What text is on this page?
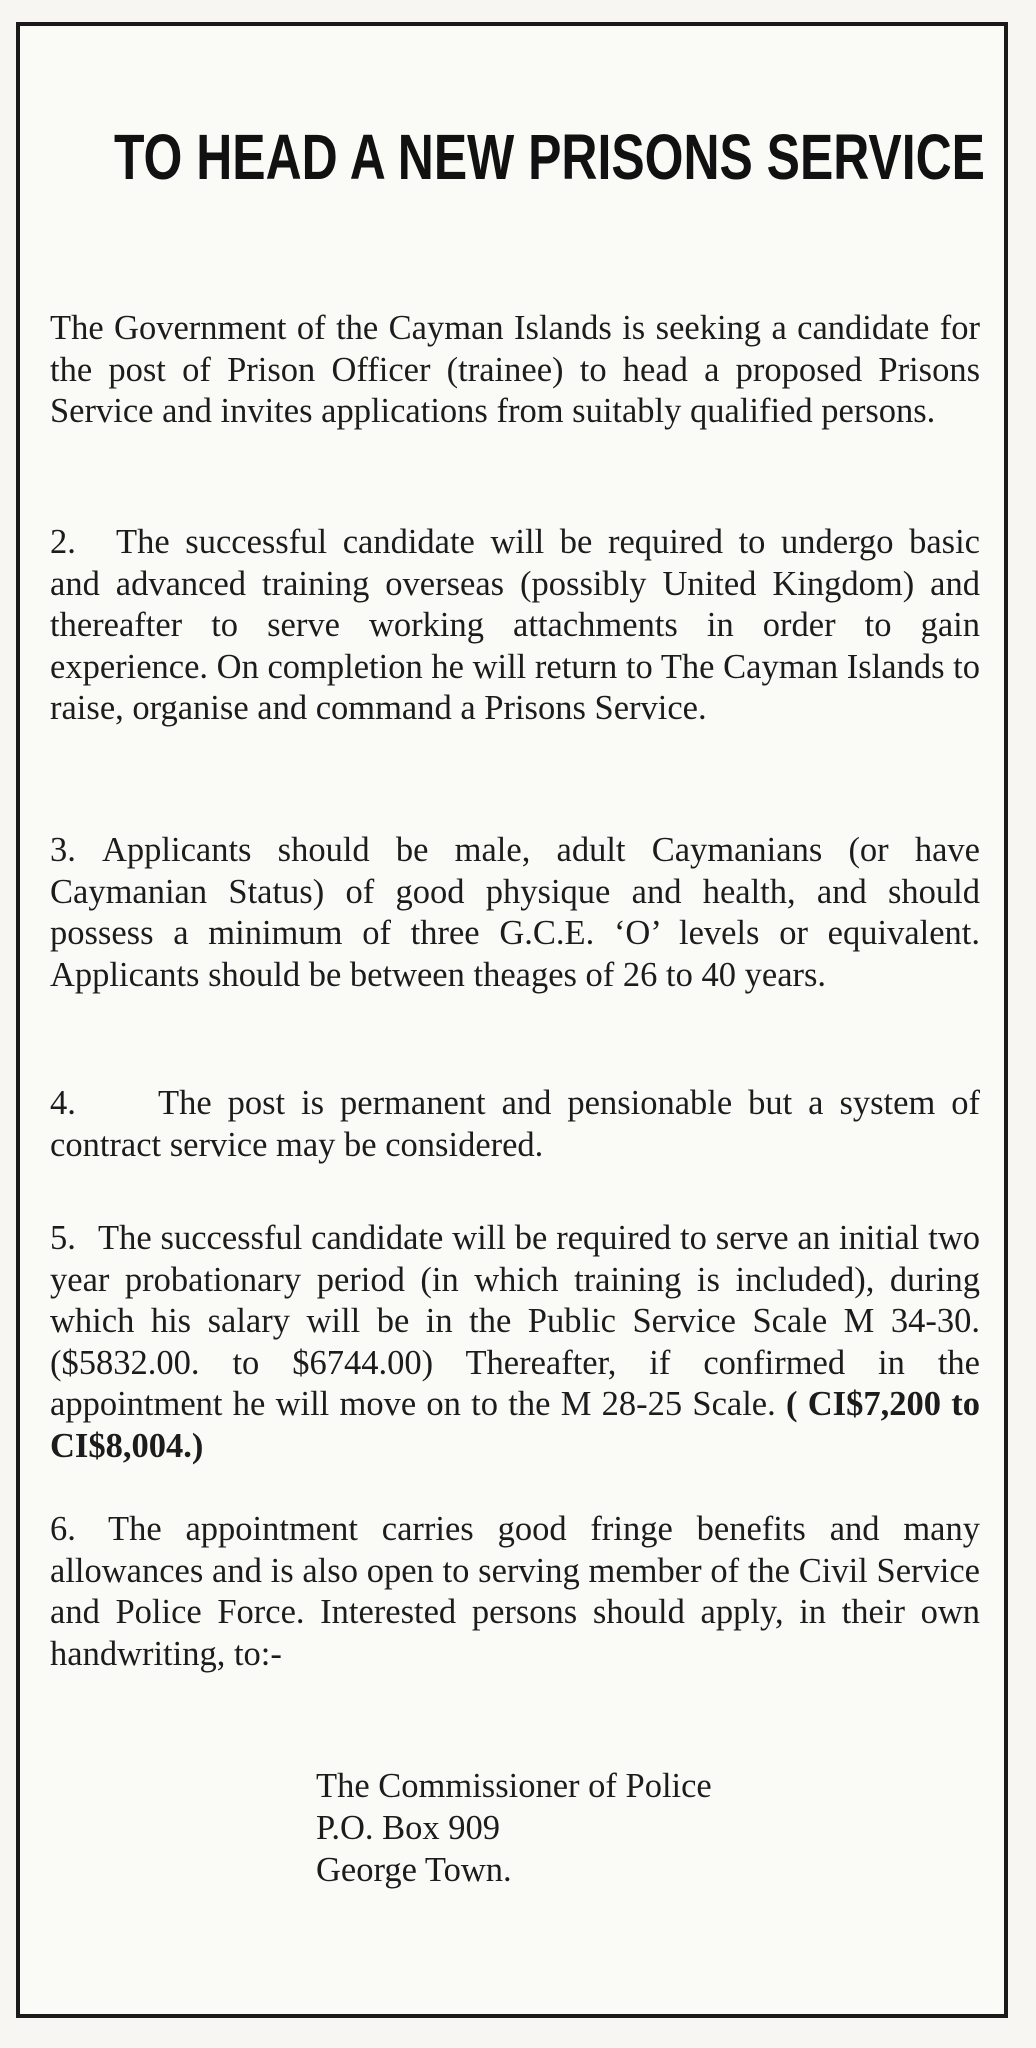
TO HEAD A NEW PRISONS SERVICE
The Government of the Cayman Islands is seeking a candidate for the post of Prison Officer (trainee) to head a proposed Prisons Service and invites applications from suitably qualified persons.
2. The successful candidate will be required to undergo basic and advanced training overseas (possibly United Kingdom) and thereafter to serve working attachments in order to gain experience. On completion he will return to The Cayman Islands to raise, organise and command a Prisons Service.
3. Applicants should be male, adult Caymanians (or have Caymanian Status) of good physique and health, and should possess a minimum of three G.C.E. ‘O’ levels or equivalent. Applicants should be between theages of 26 to 40 years.
4. The post is permanent and pensionable but a system of contract service may be considered.
5. The successful candidate will be required to serve an initial two year probationary period (in which training is included), during which his salary will be in the Public Service Scale M 34-30. ($5832.00. to $6744.00) Thereafter, if confirmed in the appointment he will move on to the M 28-25 Scale. ( CI$7,200 to CI$8,004.)
6. The appointment carries good fringe benefits and many allowances and is also open to serving member of the Civil Service and Police Force. Interested persons should apply, in their own handwriting, to:-
The Commissioner of Police
P.O. Box 909
George Town.
